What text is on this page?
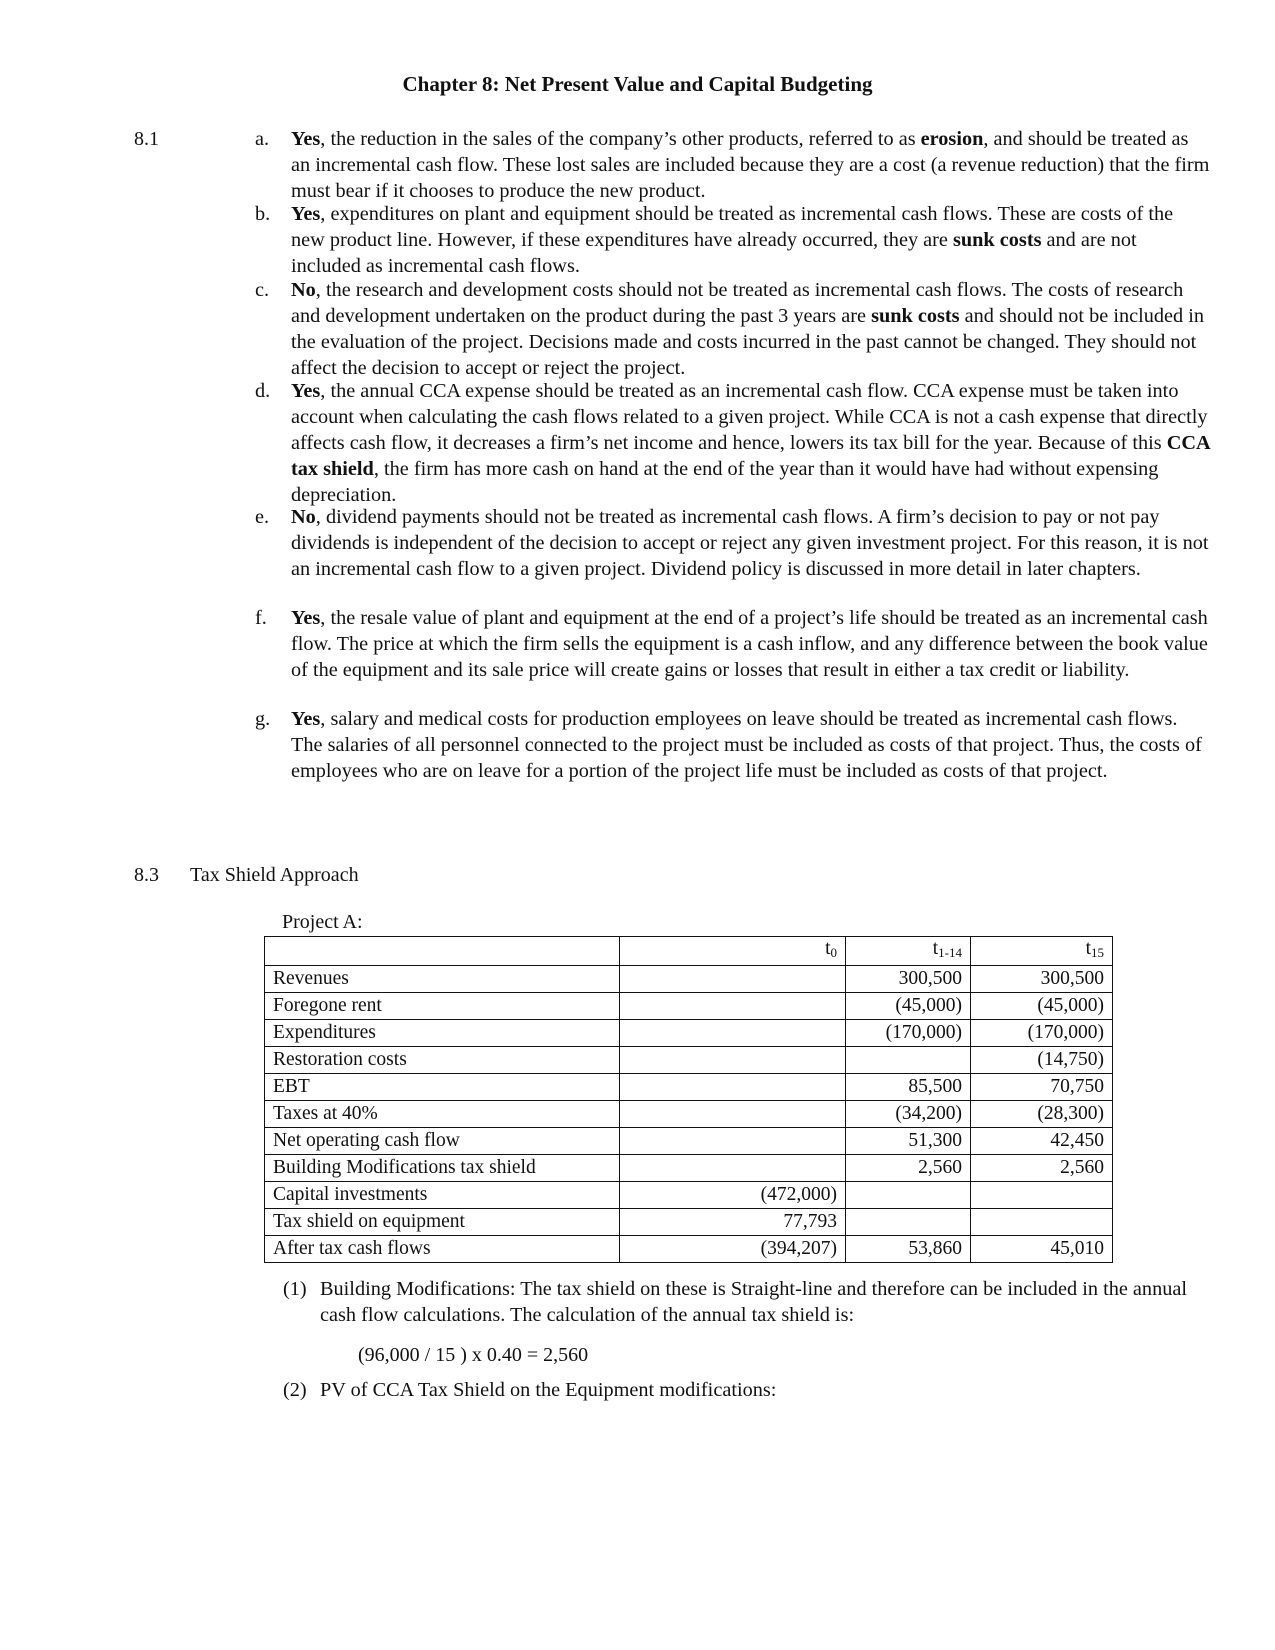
Chapter 8: Net Present Value and Capital Budgeting
8.1	a. Yes, the reduction in the sales of the company’s other products, referred to as erosion, and should be treated as an incremental cash flow. These lost sales are included because they are a cost (a revenue reduction) that the firm must bear if it chooses to produce the new product.
b. Yes, expenditures on plant and equipment should be treated as incremental cash flows. These are costs of the new product line. However, if these expenditures have already occurred, they are sunk costs and are not included as incremental cash flows.
c. No, the research and development costs should not be treated as incremental cash flows. The costs of research and development undertaken on the product during the past 3 years are sunk costs and should not be included in the evaluation of the project. Decisions made and costs incurred in the past cannot be changed. They should not affect the decision to accept or reject the project.
d. Yes, the annual CCA expense should be treated as an incremental cash flow. CCA expense must be taken into account when calculating the cash flows related to a given project. While CCA is not a cash expense that directly affects cash flow, it decreases a firm’s net income and hence, lowers its tax bill for the year. Because of this CCA tax shield, the firm has more cash on hand at the end of the year than it would have had without expensing depreciation.
e. No, dividend payments should not be treated as incremental cash flows. A firm’s decision to pay or not pay dividends is independent of the decision to accept or reject any given investment project. For this reason, it is not an incremental cash flow to a given project. Dividend policy is discussed in more detail in later chapters.
f. Yes, the resale value of plant and equipment at the end of a project’s life should be treated as an incremental cash flow. The price at which the firm sells the equipment is a cash inflow, and any difference between the book value of the equipment and its sale price will create gains or losses that result in either a tax credit or liability.
g. Yes, salary and medical costs for production employees on leave should be treated as incremental cash flows. The salaries of all personnel connected to the project must be included as costs of that project. Thus, the costs of employees who are on leave for a portion of the project life must be included as costs of that project.
8.3 Tax Shield Approach
Project A:
	$t_0$	$t_{1-14}$	$t_{15}$
Revenues		300,500	300,500
Foregone rent		(45,000)	(45,000)
Expenditures		(170,000)	(170,000)
Restoration costs			(14,750)
EBT		85,500	70,750
Taxes at 40%		(34,200)	(28,300)
Net operating cash flow		51,300	42,450
Building Modifications tax shield		2,560	2,560
Capital investments	(472,000)		
Tax shield on equipment	77,793		
After tax cash flows	(394,207)	53,860	45,010
(1) Building Modifications: The tax shield on these is Straight-line and therefore can be included in the annual cash flow calculations. The calculation of the annual tax shield is:
(96,000 / 15 ) x 0.40 = 2,560
(2) PV of CCA Tax Shield on the Equipment modifications:
